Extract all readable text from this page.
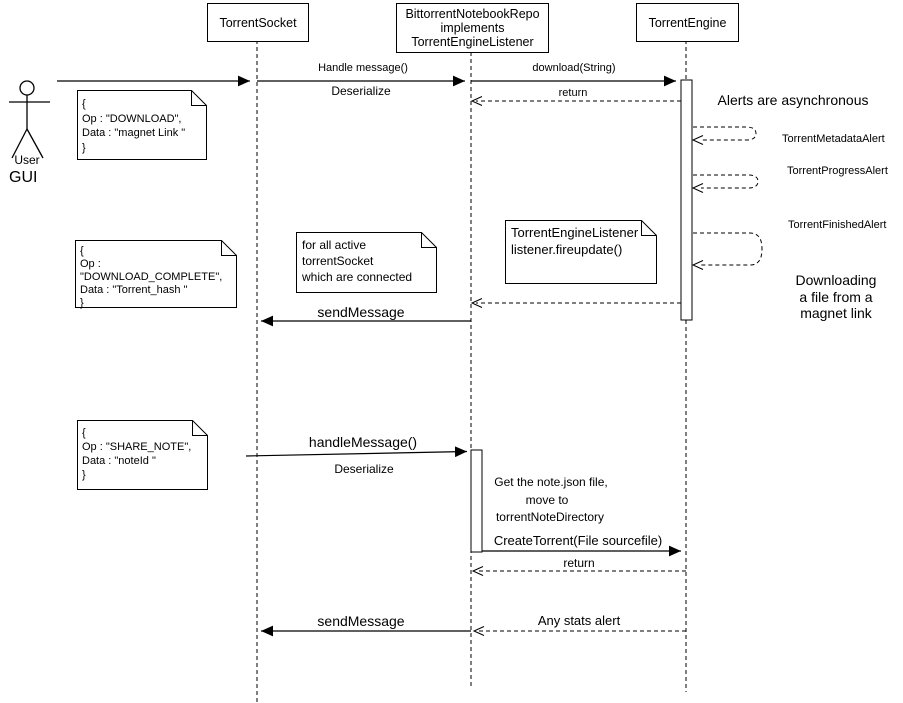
TorrentSocket
BittorrentNotebookRepo
implements
TorrentEngineListener
TorrentEngine
User
GUI
{
Op : "DOWNLOAD",
Data : "magnet Link "
}
{
Op :
"DOWNLOAD_COMPLETE",
Data : "Torrent_hash "
}
{
Op : "SHARE_NOTE",
Data : "noteId "
}
for all active
torrentSocket
which are connected
TorrentEngineListener
listener.fireupdate()
Handle message()
Deserialize
download(String)
return
sendMessage
handleMessage()
Deserialize
CreateTorrent(File sourcefile)
return
sendMessage	Any stats alert
Alerts are asynchronous
TorrentMetadataAlert
TorrentProgressAlert
TorrentFinishedAlert
Downloading
a file from a
magnet link
Get the note.json file,
move to
torrentNoteDirectory
